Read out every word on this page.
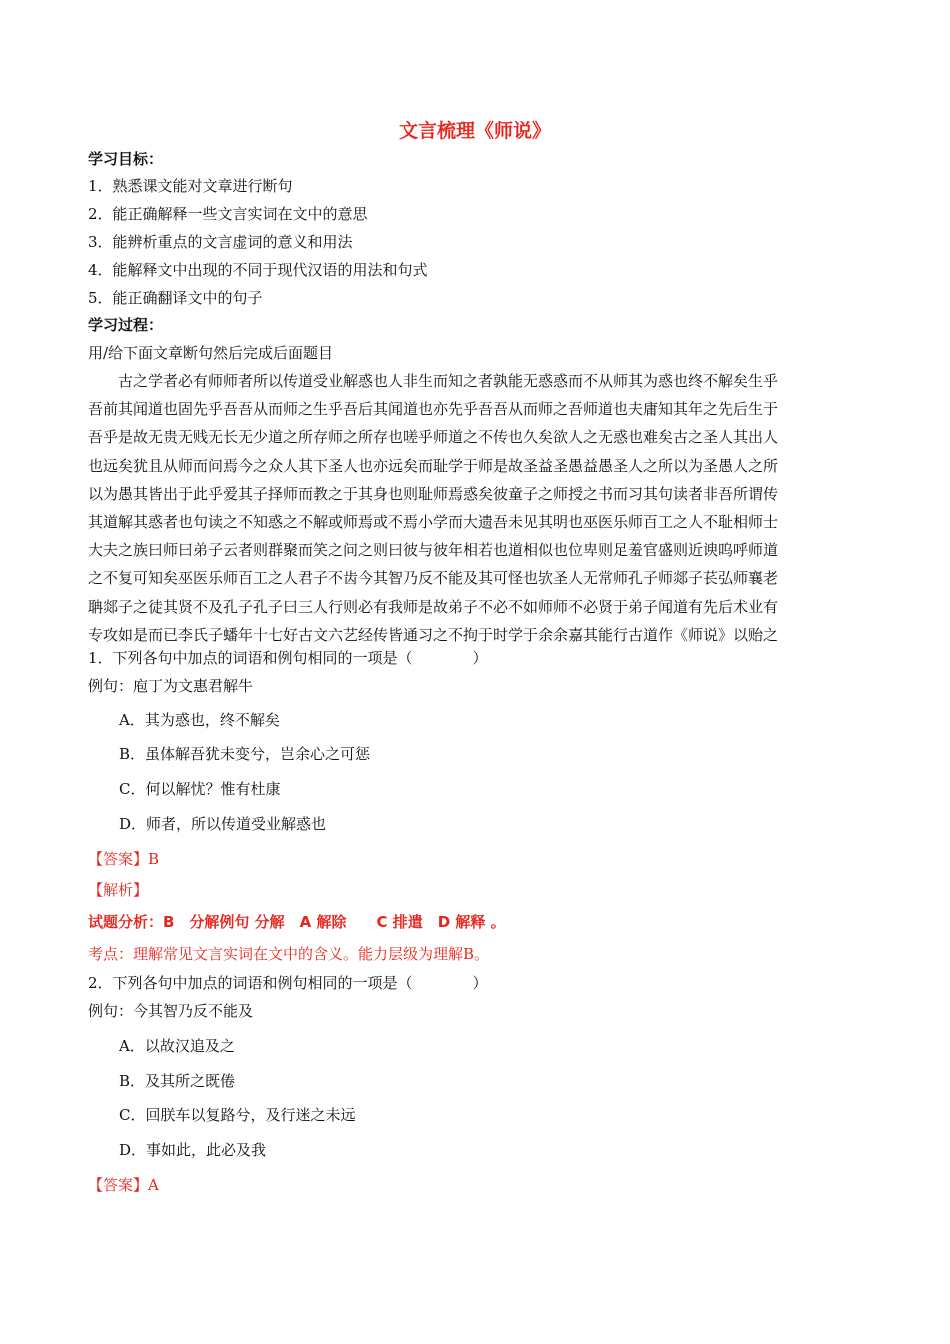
文言梳理《师说》
学习目标：
1．熟悉课文能对文章进行断句
2．能正确解释一些文言实词在文中的意思
3．能辨析重点的文言虚词的意义和用法
4．能解释文中出现的不同于现代汉语的用法和句式
5．能正确翻译文中的句子
学习过程：
用/给下面文章断句然后完成后面题目
古之学者必有师师者所以传道受业解惑也人非生而知之者孰能无惑惑而不从师其为惑也终不解矣生乎
吾前其闻道也固先乎吾吾从而师之生乎吾后其闻道也亦先乎吾吾从而师之吾师道也夫庸知其年之先后生于
吾乎是故无贵无贱无长无少道之所存师之所存也嗟乎师道之不传也久矣欲人之无惑也难矣古之圣人其出人
也远矣犹且从师而问焉今之众人其下圣人也亦远矣而耻学于师是故圣益圣愚益愚圣人之所以为圣愚人之所
以为愚其皆出于此乎爱其子择师而教之于其身也则耻师焉惑矣彼童子之师授之书而习其句读者非吾所谓传
其道解其惑者也句读之不知惑之不解或师焉或不焉小学而大遗吾未见其明也巫医乐师百工之人不耻相师士
大夫之族曰师曰弟子云者则群聚而笑之问之则曰彼与彼年相若也道相似也位卑则足羞官盛则近谀呜呼师道
之不复可知矣巫医乐师百工之人君子不齿今其智乃反不能及其可怪也欤圣人无常师孔子师郯子苌弘师襄老
聃郯子之徒其贤不及孔子孔子曰三人行则必有我师是故弟子不必不如师师不必贤于弟子闻道有先后术业有
专攻如是而已李氏子蟠年十七好古文六艺经传皆通习之不拘于时学于余余嘉其能行古道作《师说》以贻之
1．下列各句中加点的词语和例句相同的一项是（　　　　）
例句：庖丁为文惠君解牛
A．其为惑也，终不解矣
B．虽体解吾犹未变兮，岂余心之可惩
C．何以解忧？惟有杜康
D．师者，所以传道受业解惑也
【答案】B
【解析】
试题分析：B　分解例句 分解　A 解除　　C 排遣　D 解释 。
考点：理解常见文言实词在文中的含义。能力层级为理解B。
2．下列各句中加点的词语和例句相同的一项是（　　　　）
例句：今其智乃反不能及
A．以故汉追及之
B．及其所之既倦
C．回朕车以复路兮，及行迷之未远
D．事如此，此必及我
【答案】A
